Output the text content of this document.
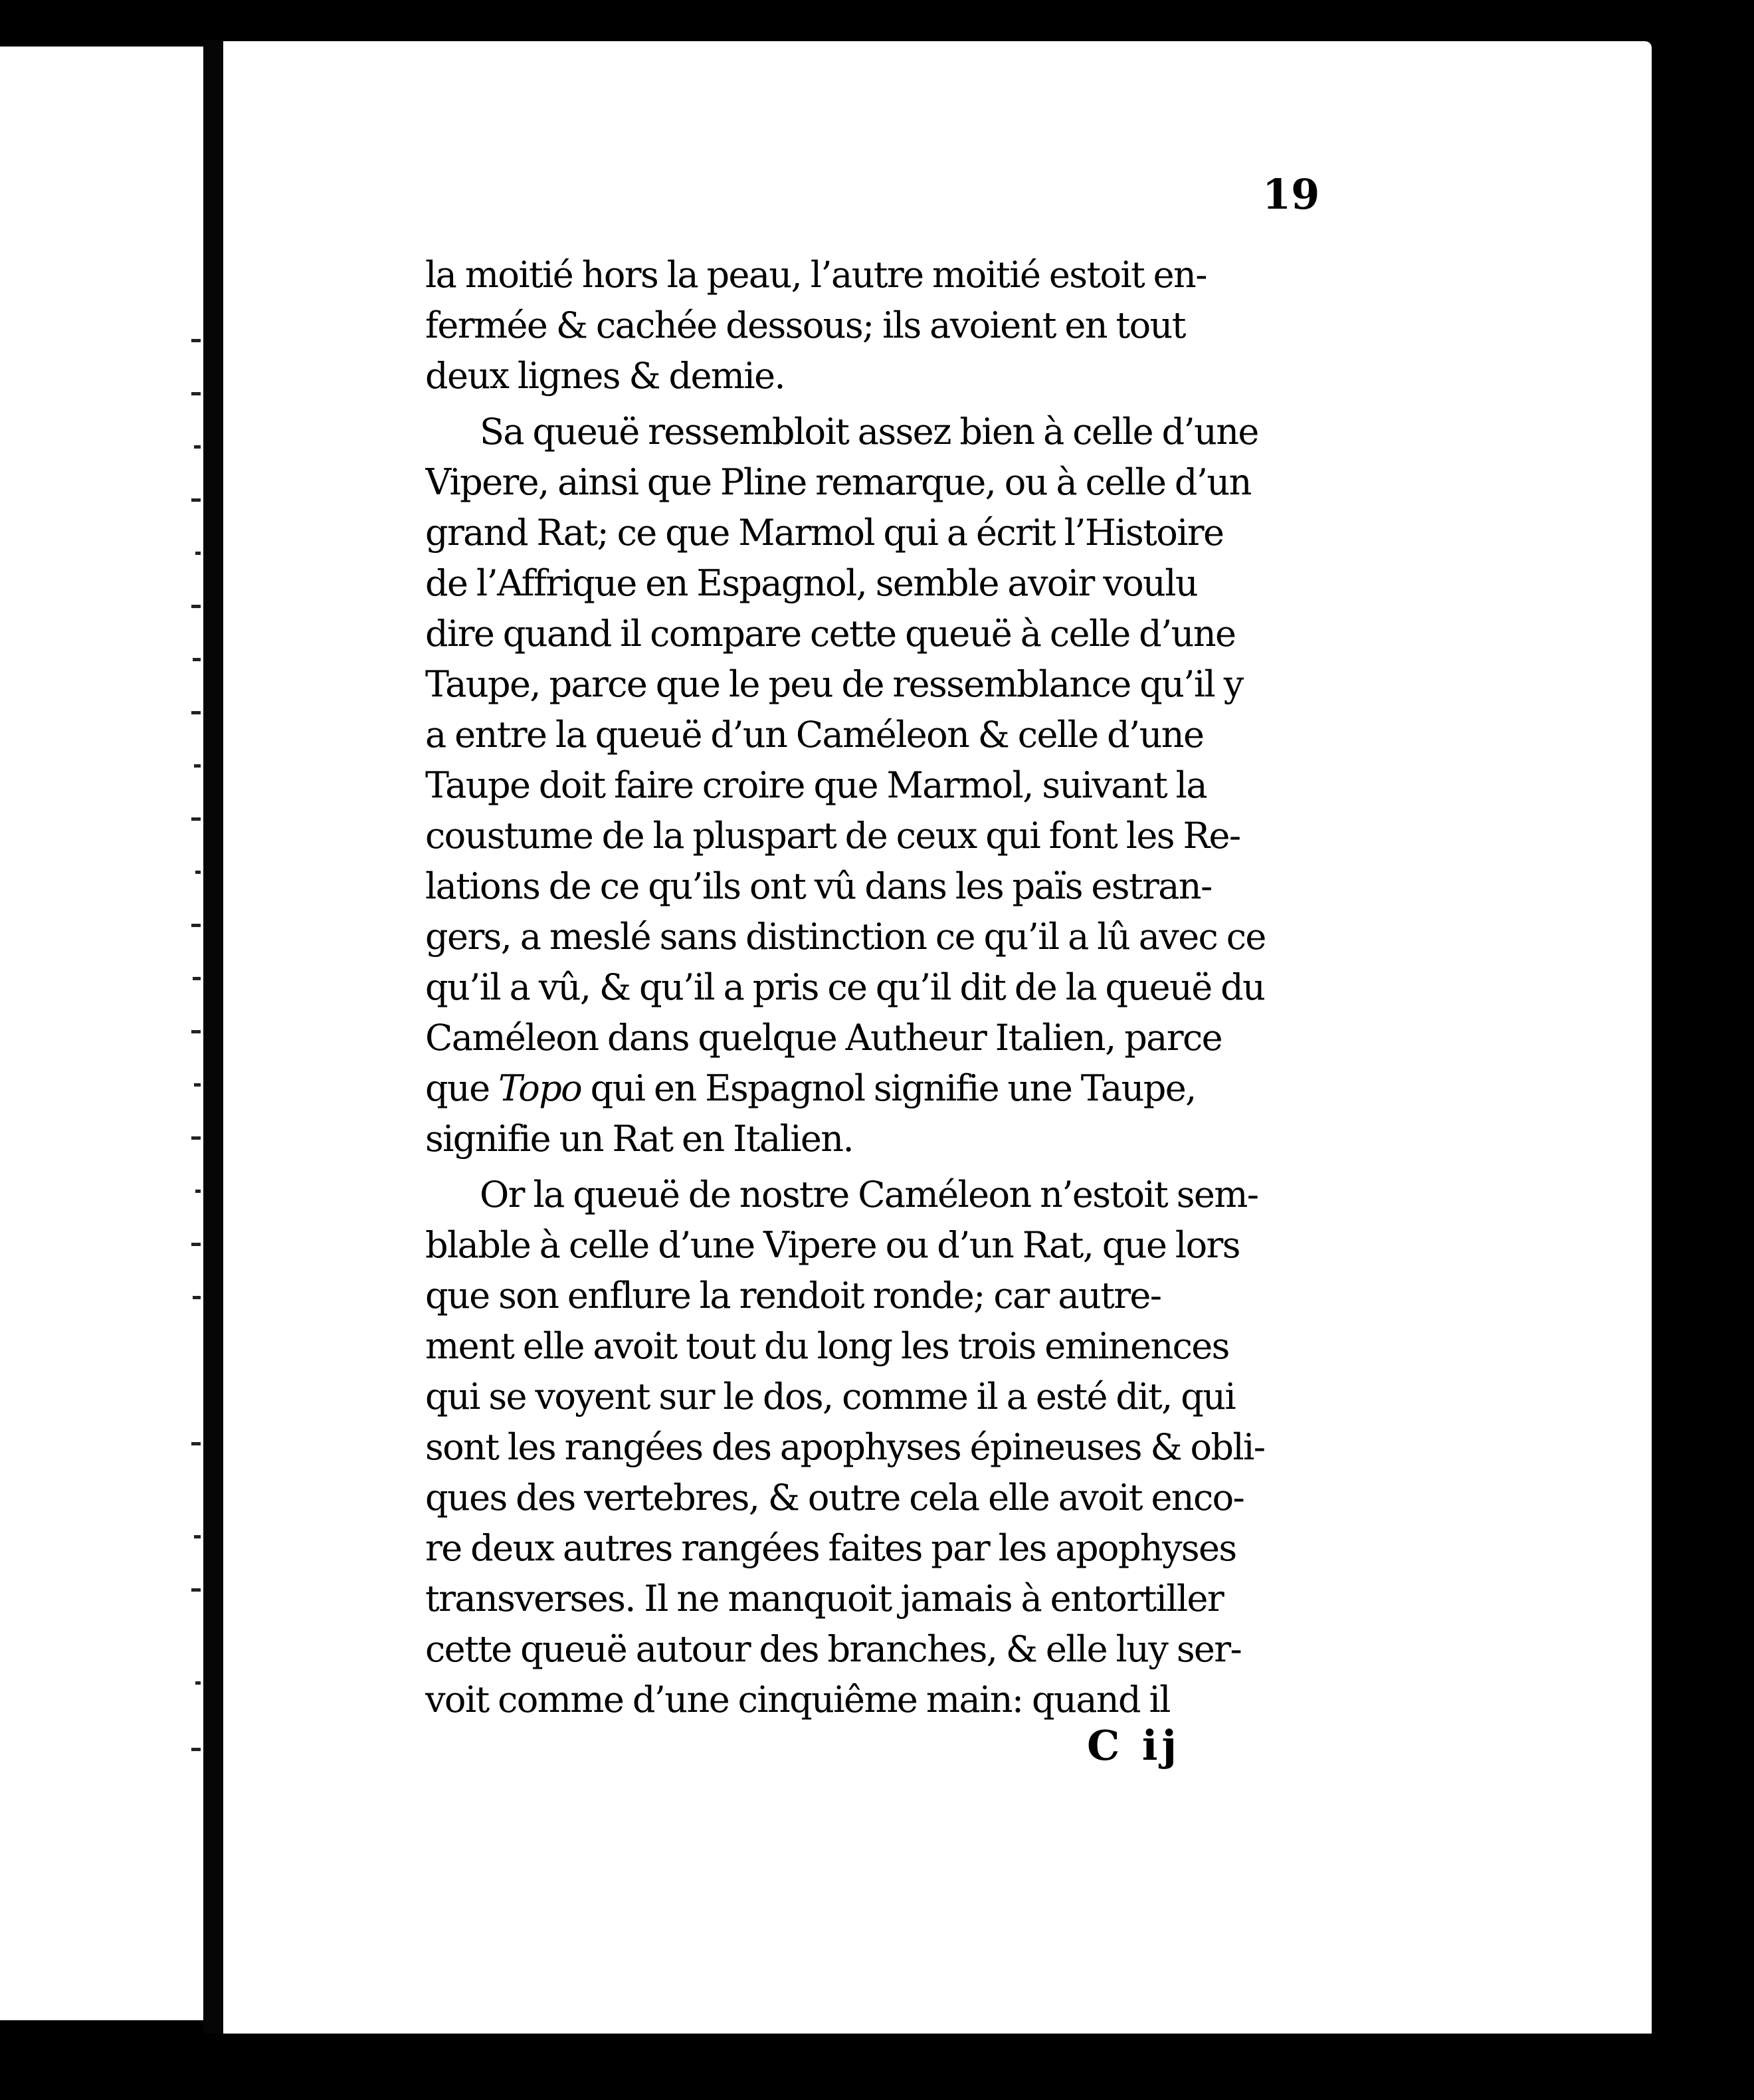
19
la moitié hors la peau, l’autre moitié estoit en-
fermée & cachée dessous; ils avoient en tout
deux lignes & demie.
Sa queuë ressembloit assez bien à celle d’une
Vipere, ainsi que Pline remarque, ou à celle d’un
grand Rat; ce que Marmol qui a écrit l’Histoire
de l’Affrique en Espagnol, semble avoir voulu
dire quand il compare cette queuë à celle d’une
Taupe, parce que le peu de ressemblance qu’il y
a entre la queuë d’un Caméleon & celle d’une
Taupe doit faire croire que Marmol, suivant la
coustume de la pluspart de ceux qui font les Re-
lations de ce qu’ils ont vû dans les païs estran-
gers, a meslé sans distinction ce qu’il a lû avec ce
qu’il a vû, & qu’il a pris ce qu’il dit de la queuë du
Caméleon dans quelque Autheur Italien, parce
que Topo qui en Espagnol signifie une Taupe,
signifie un Rat en Italien.
Or la queuë de nostre Caméleon n’estoit sem-
blable à celle d’une Vipere ou d’un Rat, que lors
que son enflure la rendoit ronde; car autre-
ment elle avoit tout du long les trois eminences
qui se voyent sur le dos, comme il a esté dit, qui
sont les rangées des apophyses épineuses & obli-
ques des vertebres, & outre cela elle avoit enco-
re deux autres rangées faites par les apophyses
transverses. Il ne manquoit jamais à entortiller
cette queuë autour des branches, & elle luy ser-
voit comme d’une cinquiême main: quand il
C ij
